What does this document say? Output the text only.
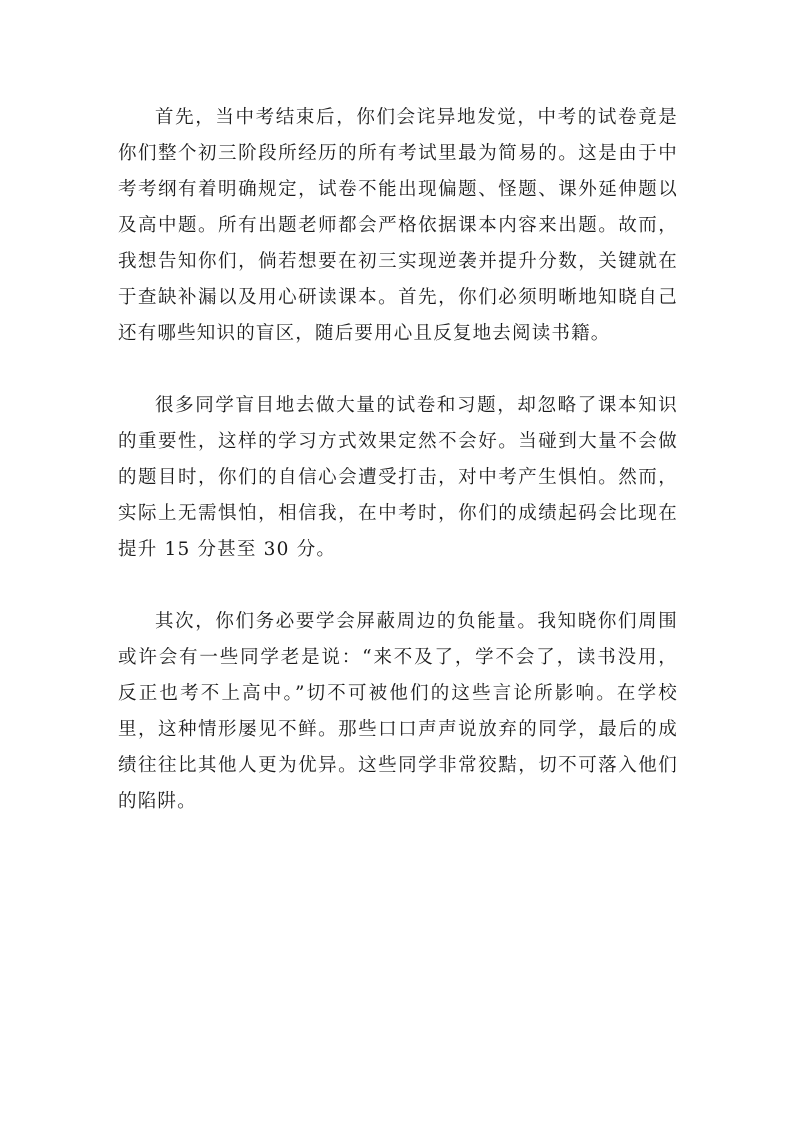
首先，当中考结束后，你们会诧异地发觉，中考的试卷竟是你们整个初三阶段所经历的所有考试里最为简易的。这是由于中考考纲有着明确规定，试卷不能出现偏题、怪题、课外延伸题以及高中题。所有出题老师都会严格依据课本内容来出题。故而，我想告知你们，倘若想要在初三实现逆袭并提升分数，关键就在于查缺补漏以及用心研读课本。首先，你们必须明晰地知晓自己还有哪些知识的盲区，随后要用心且反复地去阅读书籍。

很多同学盲目地去做大量的试卷和习题，却忽略了课本知识的重要性，这样的学习方式效果定然不会好。当碰到大量不会做的题目时，你们的自信心会遭受打击，对中考产生惧怕。然而，实际上无需惧怕，相信我，在中考时，你们的成绩起码会比现在提升 15 分甚至 30 分。

其次，你们务必要学会屏蔽周边的负能量。我知晓你们周围或许会有一些同学老是说：“来不及了，学不会了，读书没用，反正也考不上高中。”切不可被他们的这些言论所影响。在学校里，这种情形屡见不鲜。那些口口声声说放弃的同学，最后的成绩往往比其他人更为优异。这些同学非常狡黠，切不可落入他们的陷阱。
